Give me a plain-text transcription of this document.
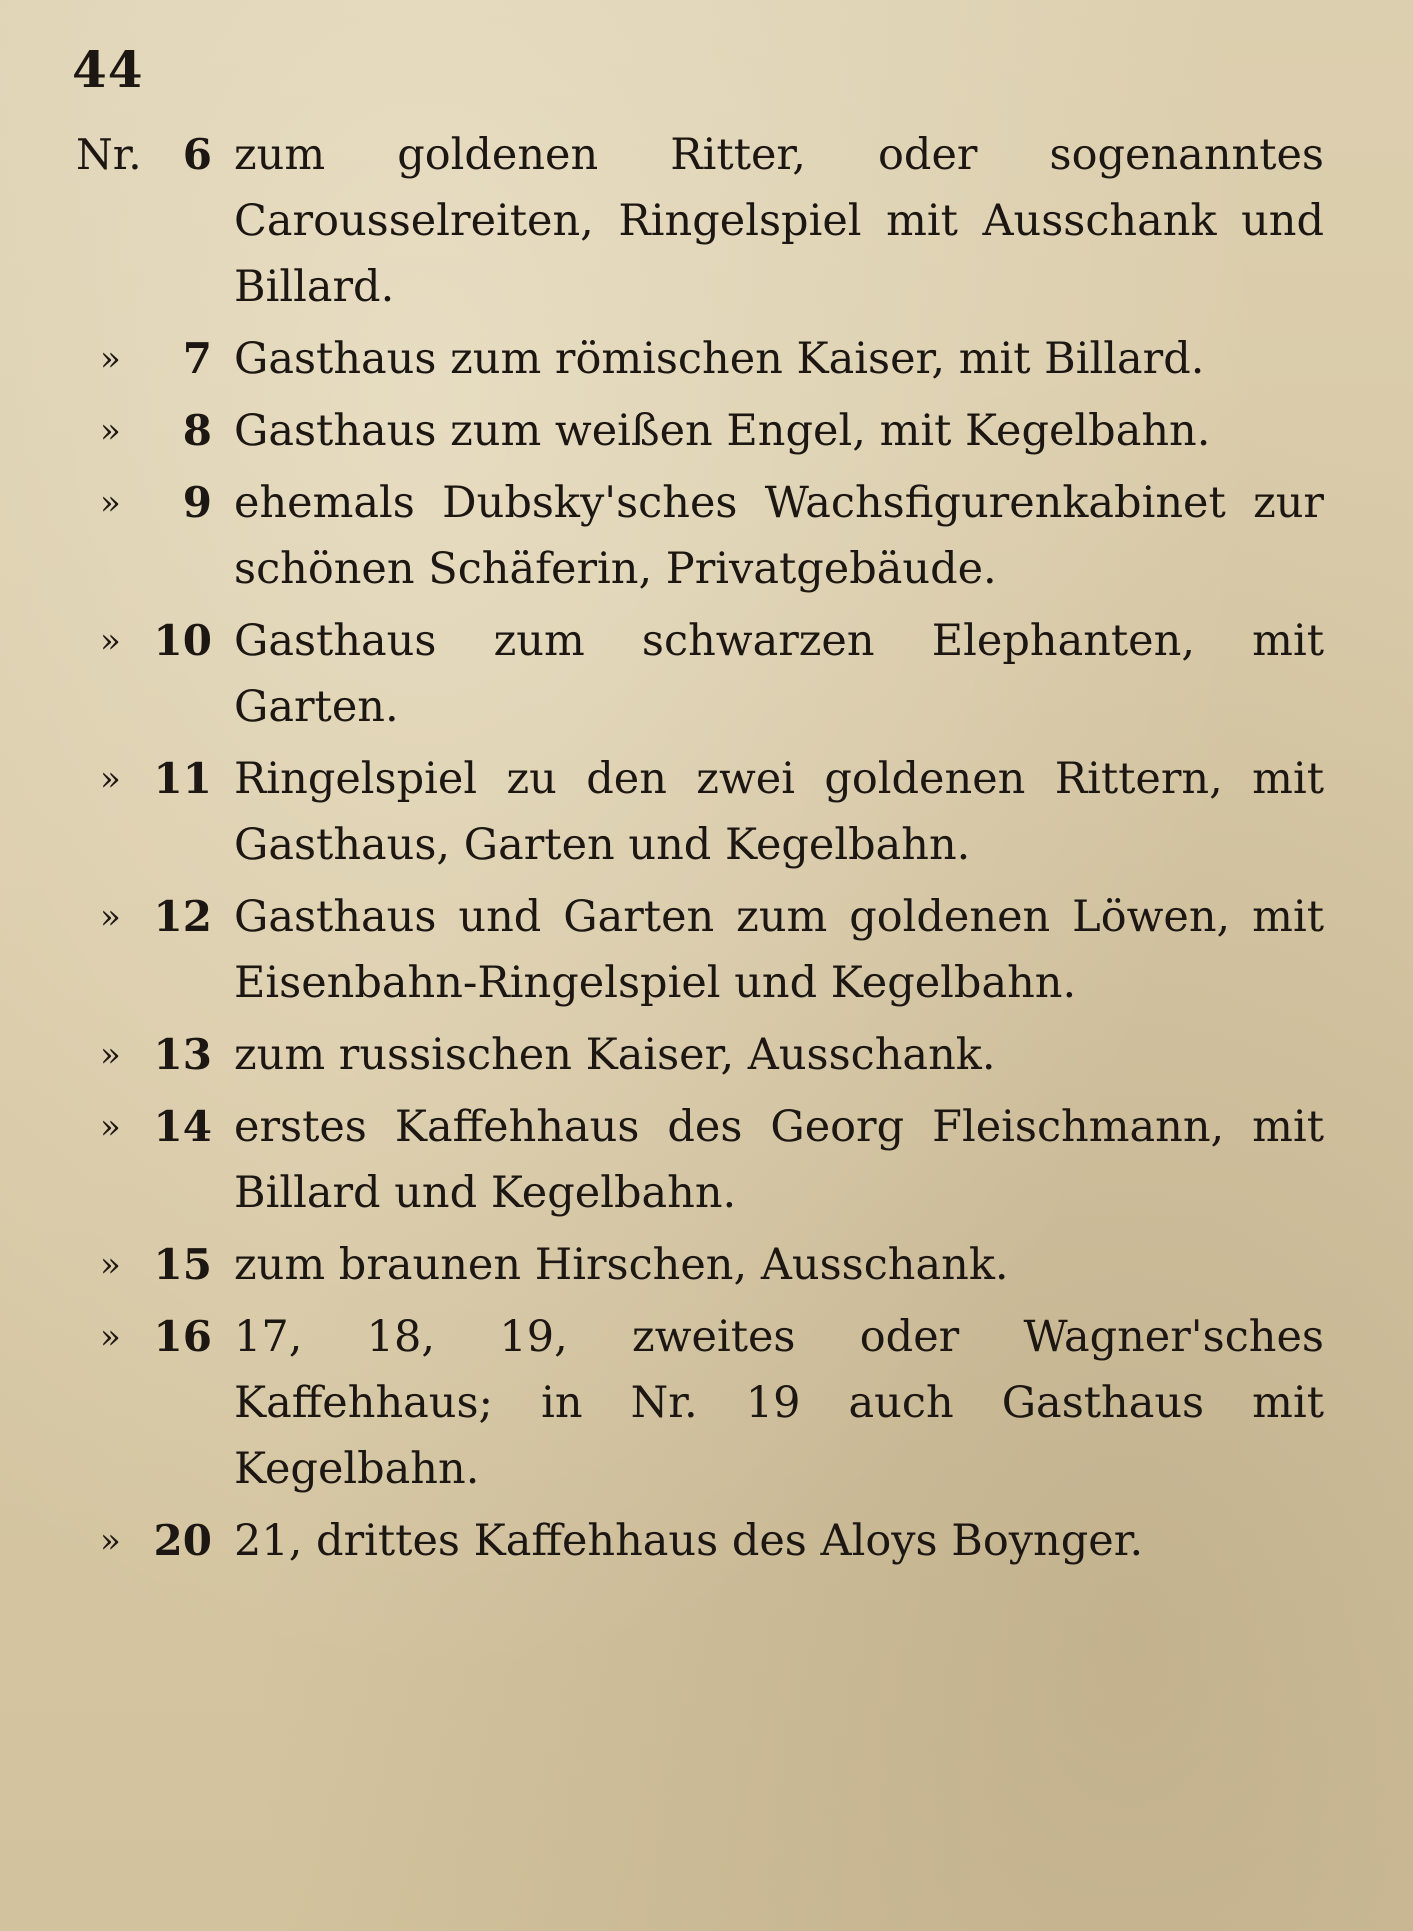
44
Nr. 6 zum goldenen Ritter, oder sogenanntes Carousselreiten, Ringelspiel mit Ausschank und Billard.
» 7 Gasthaus zum römischen Kaiser, mit Billard.
» 8 Gasthaus zum weißen Engel, mit Kegelbahn.
» 9 ehemals Dubsky'sches Wachsfigurenkabinet zur schönen Schäferin, Privatgebäude.
» 10 Gasthaus zum schwarzen Elephanten, mit Garten.
» 11 Ringelspiel zu den zwei goldenen Rittern, mit Gasthaus, Garten und Kegelbahn.
» 12 Gasthaus und Garten zum goldenen Löwen, mit Eisenbahn-Ringelspiel und Kegelbahn.
» 13 zum russischen Kaiser, Ausschank.
» 14 erstes Kaffehhaus des Georg Fleischmann, mit Billard und Kegelbahn.
» 15 zum braunen Hirschen, Ausschank.
» 16 17, 18, 19, zweites oder Wagner'sches Kaffehhaus; in Nr. 19 auch Gasthaus mit Kegelbahn.
» 20 21, drittes Kaffehhaus des Aloys Boynger.
